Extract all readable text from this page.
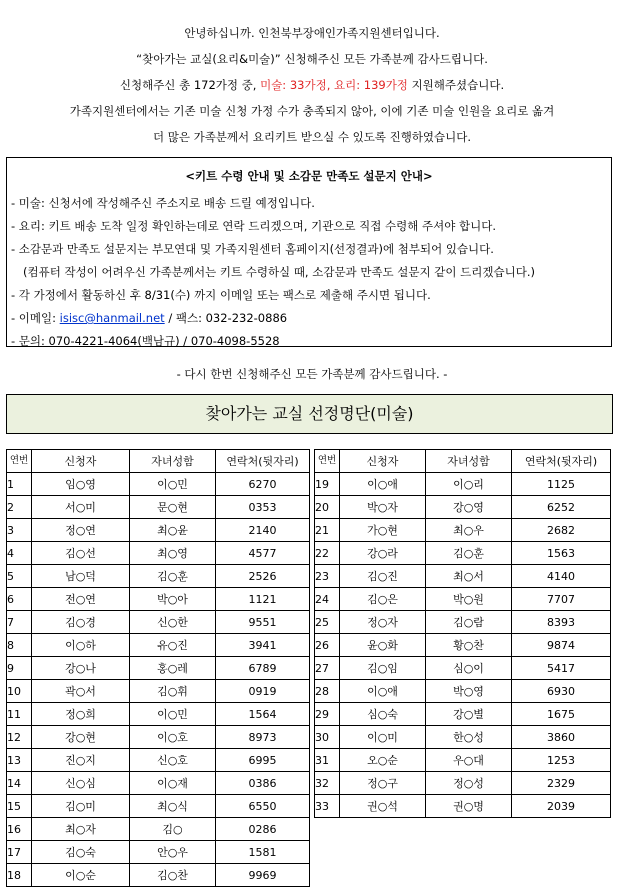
안녕하십니까. 인천북부장애인가족지원센터입니다.

“찾아가는 교실(요리&미술)” 신청해주신 모든 가족분께 감사드립니다.

신청해주신 총 172가정 중, 미술: 33가정, 요리: 139가정 지원해주셨습니다.

가족지원센터에서는 기존 미술 신청 가정 수가 충족되지 않아, 이에 기존 미술 인원을 요리로 옮겨

더 많은 가족분께서 요리키트 받으실 수 있도록 진행하였습니다.

<키트 수령 안내 및 소감문 만족도 설문지 안내>
- 미술: 신청서에 작성해주신 주소지로 배송 드릴 예정입니다.
- 요리: 키트 배송 도착 일정 확인하는데로 연락 드리겠으며, 기관으로 직접 수령해 주셔야 합니다.
- 소감문과 만족도 설문지는 부모연대 및 가족지원센터 홈페이지(선정결과)에 첨부되어 있습니다.
(컴퓨터 작성이 어려우신 가족분께서는 키트 수령하실 때, 소감문과 만족도 설문지 같이 드리겠습니다.)
- 각 가정에서 활동하신 후 8/31(수) 까지 이메일 또는 팩스로 제출해 주시면 됩니다.
- 이메일: isisc@hanmail.net / 팩스: 032-232-0886
- 문의: 070-4221-4064(백남규) / 070-4098-5528
- 다시 한번 신청해주신 모든 가족분께 감사드립니다. -
찾아가는 교실 선정명단(미술)
연번	신청자	자녀성함	연락처(뒷자리)
1	임○영	이○민	6270
2	서○미	문○현	0353
3	정○연	최○윤	2140
4	김○선	최○영	4577
5	남○덕	김○훈	2526
6	전○연	박○아	1121
7	김○경	신○한	9551
8	이○하	유○진	3941
9	강○나	홍○레	6789
10	곽○서	김○휘	0919
11	정○희	이○민	1564
12	강○현	이○호	8973
13	진○지	신○호	6995
14	신○심	이○재	0386
15	김○미	최○식	6550
16	최○자	김○	0286
17	김○숙	안○우	1581
18	이○순	김○찬	9969
연번	신청자	자녀성함	연락처(뒷자리)
19	이○애	이○리	1125
20	박○자	강○영	6252
21	가○현	최○우	2682
22	강○라	김○훈	1563
23	김○진	최○서	4140
24	김○은	박○원	7707
25	정○자	김○람	8393
26	윤○화	황○찬	9874
27	김○임	심○이	5417
28	이○애	박○영	6930
29	심○숙	강○별	1675
30	이○미	한○성	3860
31	오○순	우○대	1253
32	정○구	정○성	2329
33	권○석	권○명	2039
